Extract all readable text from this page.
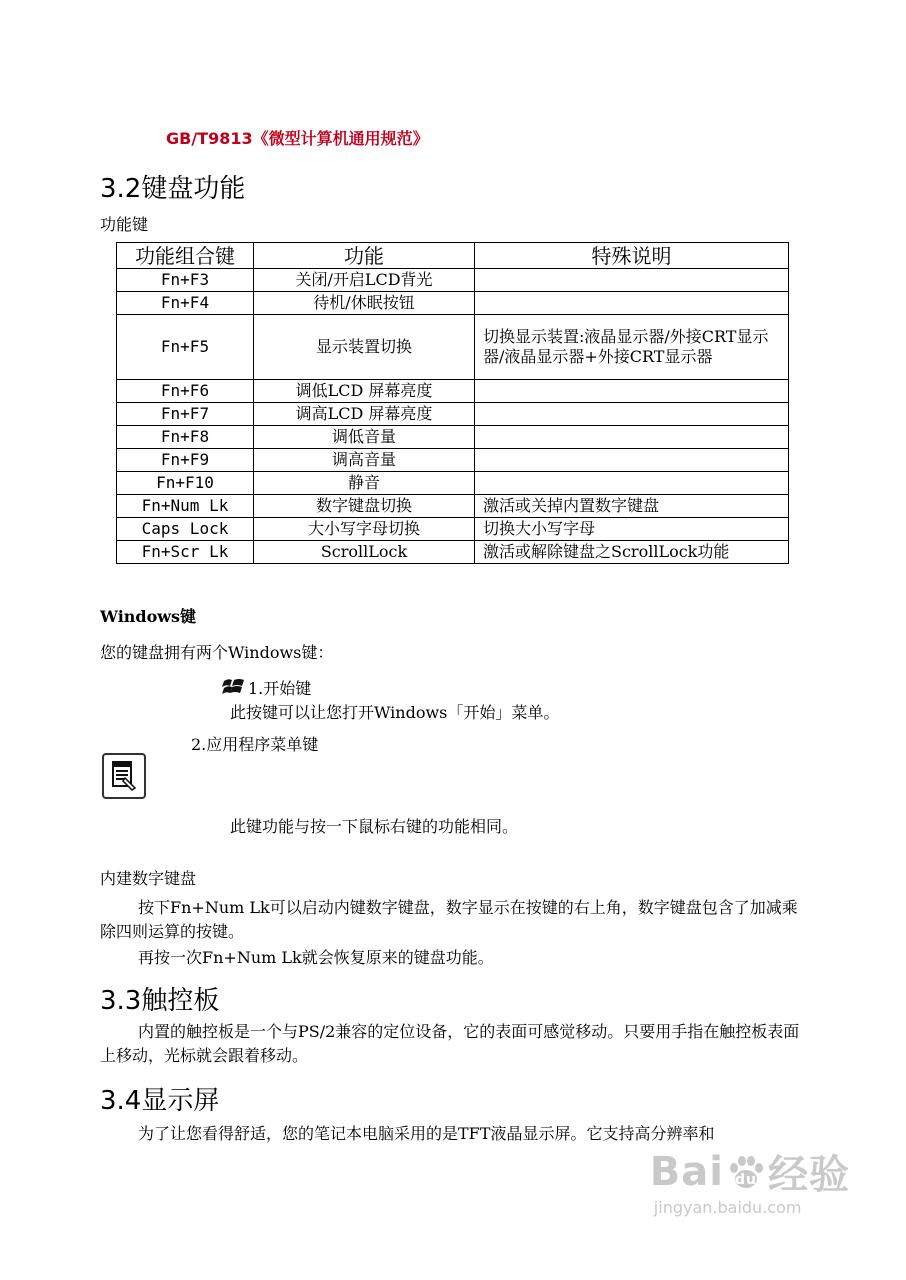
GB/T9813《微型计算机通用规范》
3.2键盘功能
功能键
功能组合键	功能	特殊说明
Fn+F3	关闭/开启LCD背光	
Fn+F4	待机/休眠按钮	
Fn+F5	显示装置切换	切换显示装置:液晶显示器/外接CRT显示器/液晶显示器+外接CRT显示器
Fn+F6	调低LCD 屏幕亮度	
Fn+F7	调高LCD 屏幕亮度	
Fn+F8	调低音量	
Fn+F9	调高音量	
Fn+F10	静音	
Fn+Num Lk	数字键盘切换	激活或关掉内置数字键盘
Caps Lock	大小写字母切换	切换大小写字母
Fn+Scr Lk	ScrollLock	激活或解除键盘之ScrollLock功能
Windows键
您的键盘拥有两个Windows键：
1.开始键
此按键可以让您打开Windows「开始」菜单。
2.应用程序菜单键
此键功能与按一下鼠标右键的功能相同。
内建数字键盘
按下Fn+Num Lk可以启动内键数字键盘，数字显示在按键的右上角，数字键盘包含了加减乘除四则运算的按键。
再按一次Fn+Num Lk就会恢复原来的键盘功能。
3.3触控板
内置的触控板是一个与PS/2兼容的定位设备，它的表面可感觉移动。只要用手指在触控板表面上移动，光标就会跟着移动。
3.4显示屏
为了让您看得舒适，您的笔记本电脑采用的是TFT液晶显示屏。它支持高分辨率和
Bai du 经验
jingyan.baidu.com
